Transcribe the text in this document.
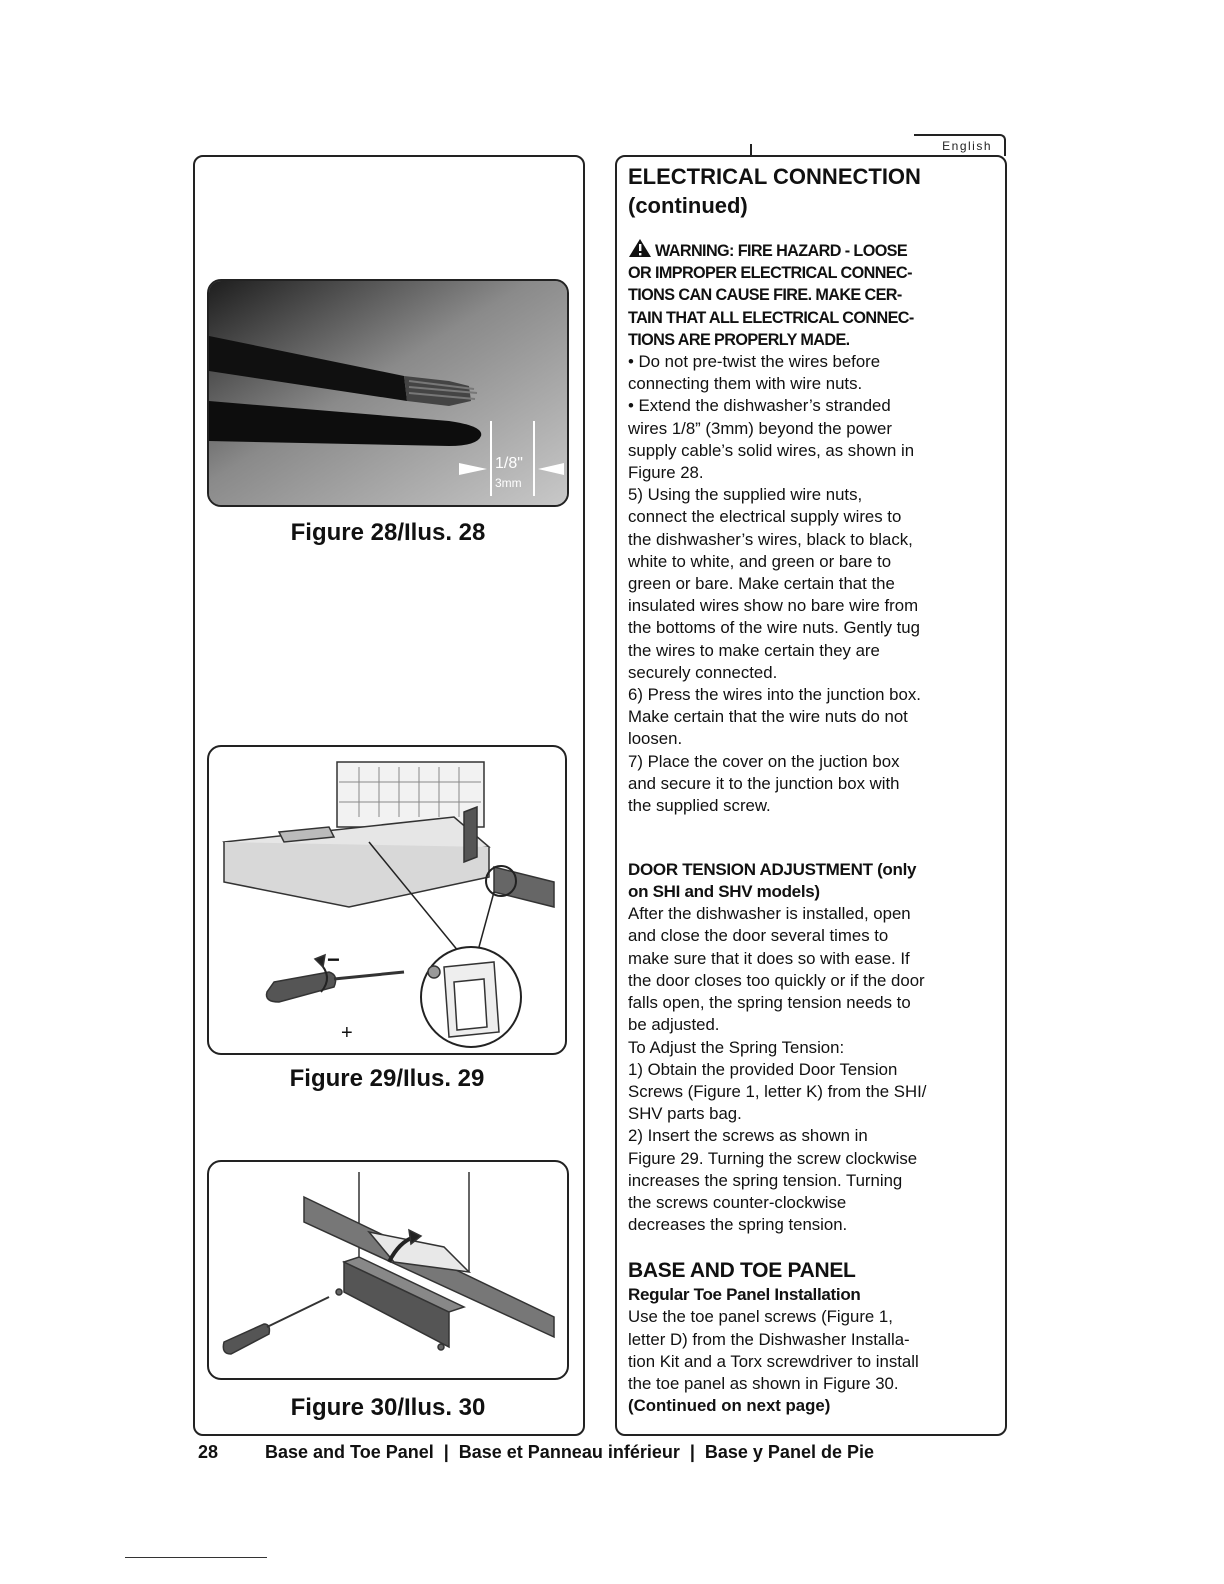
English
1/8"
3mm
Figure 28/Ilus. 28
−
+
Figure 29/Ilus. 29
Figure 30/Ilus. 30

ELECTRICAL CONNECTION

(continued)

WARNING: FIRE HAZARD - LOOSE

OR IMPROPER ELECTRICAL CONNEC-

TIONS CAN CAUSE FIRE. MAKE CER-

TAIN THAT ALL ELECTRICAL CONNEC-

TIONS ARE PROPERLY MADE.

• Do not pre-twist the wires before

connecting them with wire nuts.

• Extend the dishwasher’s stranded

wires 1/8” (3mm) beyond the power

supply cable’s solid wires, as shown in

Figure 28.

5) Using the supplied wire nuts,

connect the electrical supply wires to

the dishwasher’s wires, black to black,

white to white, and green or bare to

green or bare. Make certain that the

insulated wires show no bare wire from

the bottoms of the wire nuts. Gently tug

the wires to make certain they are

securely connected.

6) Press the wires into the junction box.

Make certain that the wire nuts do not

loosen.

7) Place the cover on the juction box

and secure it to the junction box with

the supplied screw.

DOOR TENSION ADJUSTMENT (only

on SHI and SHV models)

After the dishwasher is installed, open

and close the door several times to

make sure that it does so with ease. If

the door closes too quickly or if the door

falls open, the spring tension needs to

be adjusted.

To Adjust the Spring Tension:

1) Obtain the provided Door Tension

Screws (Figure 1, letter K) from the SHI/

SHV parts bag.

2) Insert the screws as shown in

Figure 29. Turning the screw clockwise

increases the spring tension. Turning

the screws counter-clockwise

decreases the spring tension.

BASE AND TOE PANEL

Regular Toe Panel Installation

Use the toe panel screws (Figure 1,

letter D) from the Dishwasher Installa-

tion Kit and a Torx screwdriver to install

the toe panel as shown in Figure 30.

(Continued on next page)

28	Base and Toe Panel  |  Base et Panneau inférieur  |  Base y Panel de Pie
